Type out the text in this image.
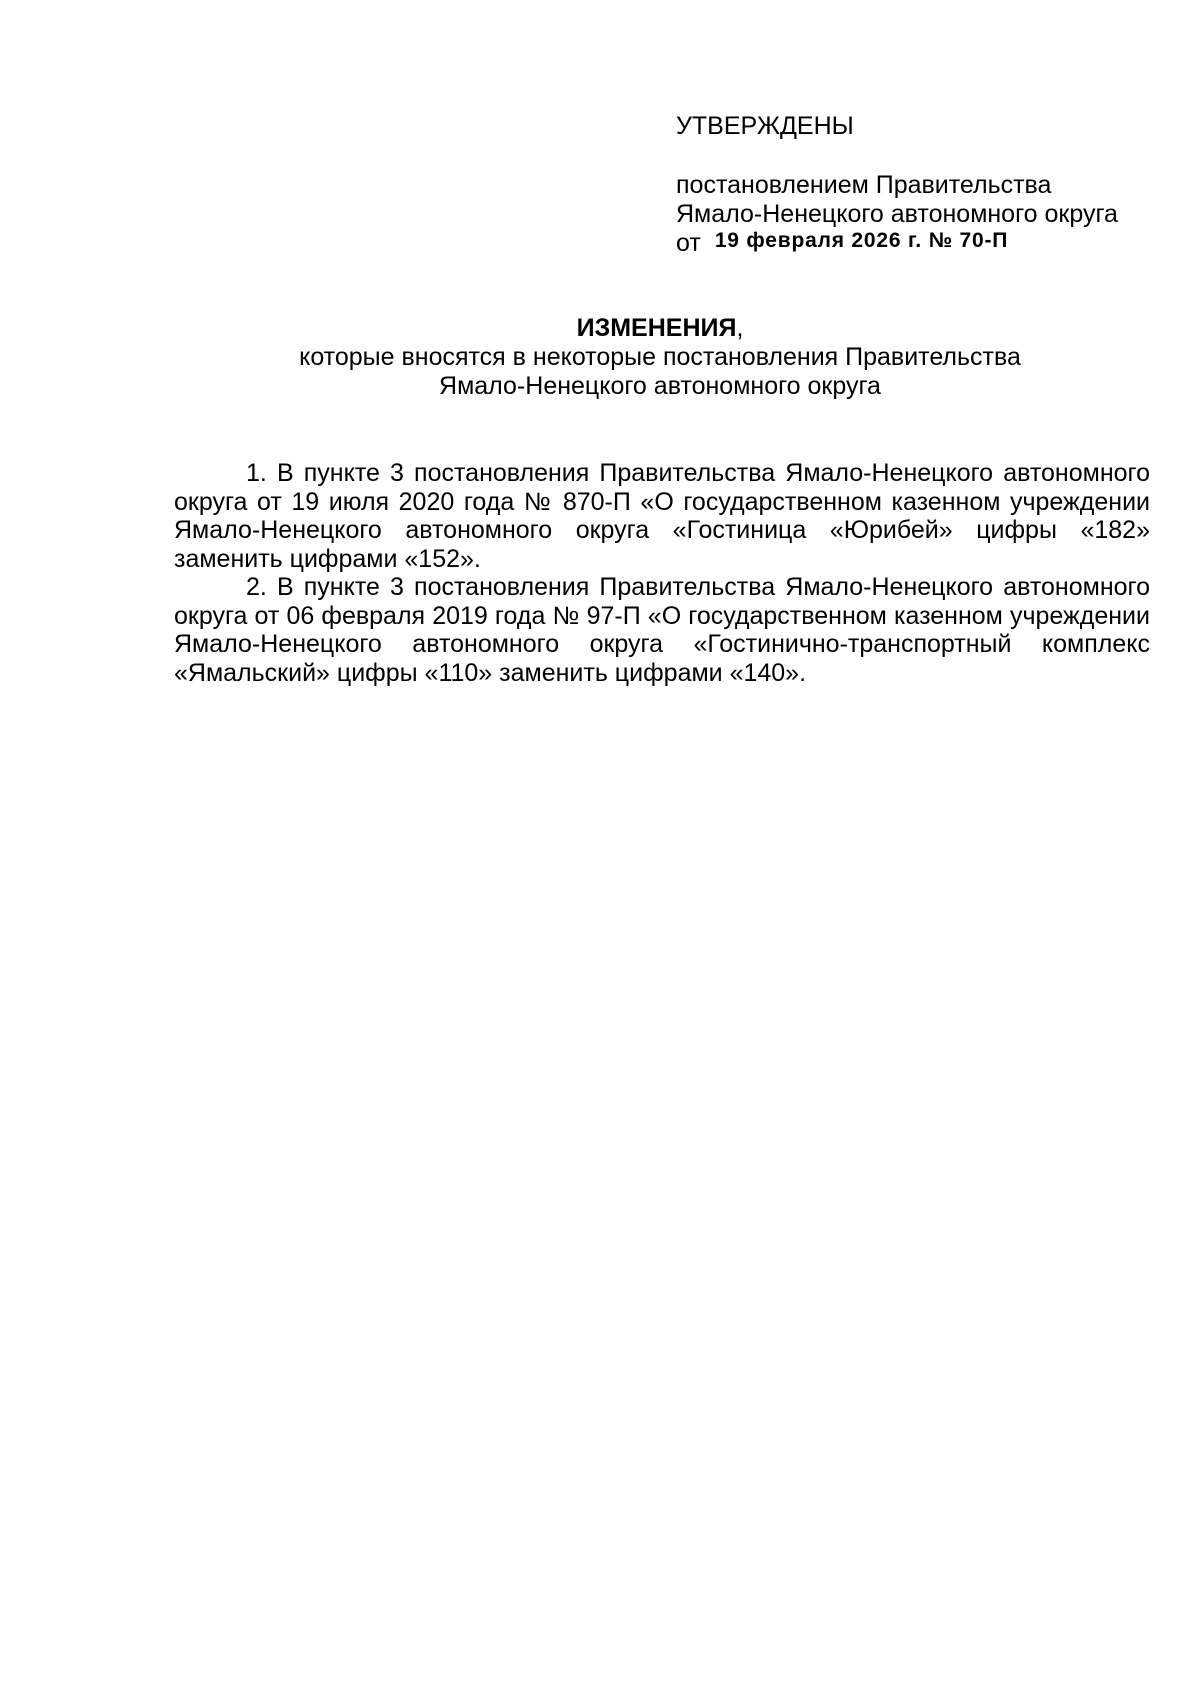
УТВЕРЖДЕНЫ

постановлением Правительства

Ямало-Ненецкого автономного округа

от 19 февраля 2026 г. № 70-П

ИЗМЕНЕНИЯ,

которые вносятся в некоторые постановления Правительства

Ямало-Ненецкого автономного округа

1. В пункте 3 постановления Правительства Ямало-Ненецкого автономного округа от 19 июля 2020 года № 870-П «О государственном казенном учреждении Ямало-Ненецкого автономного округа «Гостиница «Юрибей» цифры «182» заменить цифрами «152».

2. В пункте 3 постановления Правительства Ямало-Ненецкого автономного округа от 06 февраля 2019 года № 97-П «О государственном казенном учреждении Ямало-Ненецкого автономного округа «Гостинично-транспортный комплекс «Ямальский» цифры «110» заменить цифрами «140».
